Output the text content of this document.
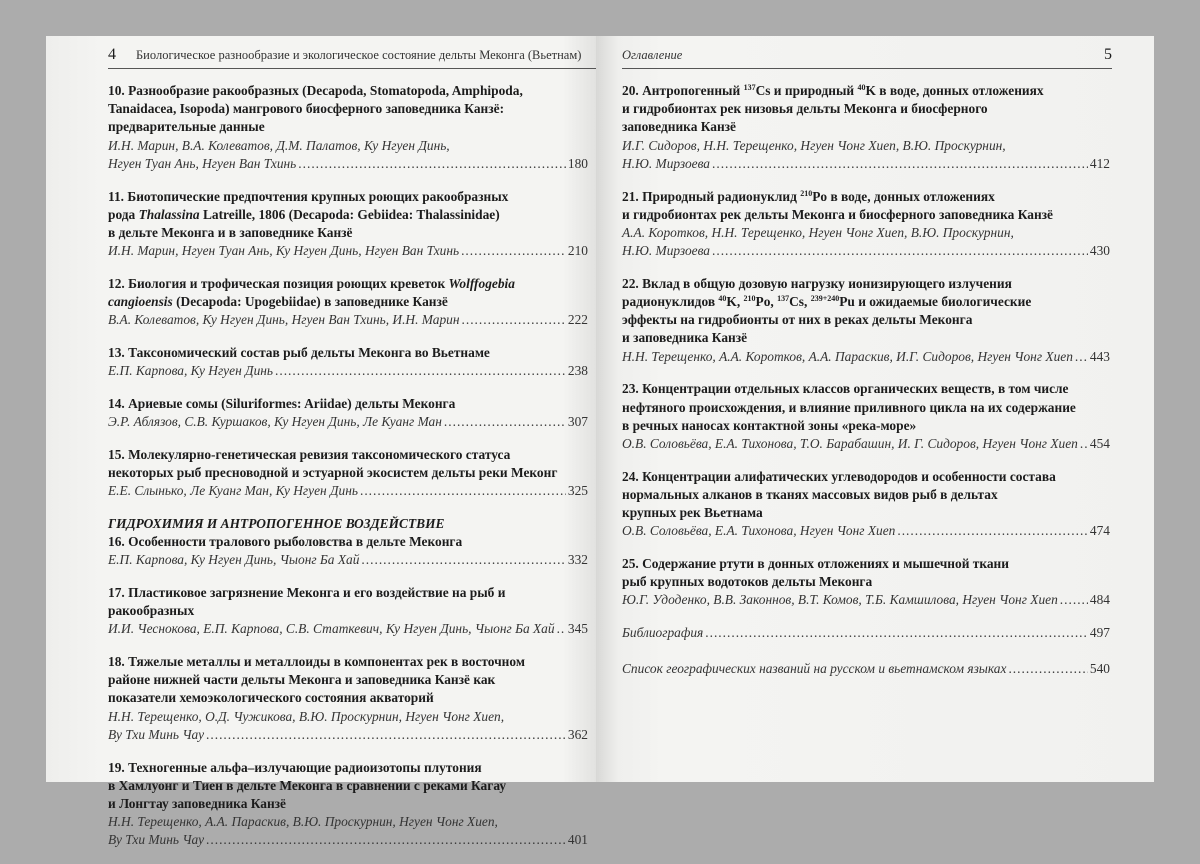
4 Биологическое разнообразие и экологическое состояние дельты Меконга (Вьетнам)
10. Разнообразие ракообразных (Decapoda, Stomatopoda, Amphipoda,
Tanaidacea, Isopoda) мангрового биосферного заповедника Канзё:
предварительные данные
И.Н. Марин, В.А. Колеватов, Д.М. Палатов, Ку Нгуен Динь,
Нгуен Туан Ань, Нгуен Ван Тхинь .....	180
11. Биотопические предпочтения крупных роющих ракообразных
рода Thalassina Latreille, 1806 (Decapoda: Gebiidea: Thalassinidae)
в дельте Меконга и в заповеднике Канзё
И.Н. Марин, Нгуен Туан Ань, Ку Нгуен Динь, Нгуен Ван Тхинь .....	210
12. Биология и трофическая позиция роющих креветок Wolffogebia
cangioensis (Decapoda: Upogebiidae) в заповеднике Канзё
В.А. Колеватов, Ку Нгуен Динь, Нгуен Ван Тхинь, И.Н. Марин .....	222
13. Таксономический состав рыб дельты Меконга во Вьетнаме
Е.П. Карпова, Ку Нгуен Динь .....	238
14. Ариевые сомы (Siluriformes: Ariidae) дельты Меконга
Э.Р. Аблязов, С.В. Куршаков, Ку Нгуен Динь, Ле Куанг Ман .....	307
15. Молекулярно-генетическая ревизия таксономического статуса
некоторых рыб пресноводной и эстуарной экосистем дельты реки Меконг
Е.Е. Слынько, Ле Куанг Ман, Ку Нгуен Динь .....	325
ГИДРОХИМИЯ И АНТРОПОГЕННОЕ ВОЗДЕЙСТВИЕ
16. Особенности тралового рыболовства в дельте Меконга
Е.П. Карпова, Ку Нгуен Динь, Чыонг Ба Хай .....	332
17. Пластиковое загрязнение Меконга и его воздействие на рыб и
ракообразных
И.И. Чеснокова, Е.П. Карпова, С.В. Статкевич, Ку Нгуен Динь, Чыонг Ба Хай ..... 345
18. Тяжелые металлы и металлоиды в компонентах рек в восточном
районе нижней части дельты Меконга и заповедника Канзё как
показатели хемоэкологического состояния акваторий
Н.Н. Терещенко, О.Д. Чужикова, В.Ю. Проскурнин, Нгуен Чонг Хиеп,
Ву Тхи Минь Чау .....	362
19. Техногенные альфа–излучающие радиоизотопы плутония
в Хамлуонг и Тиен в дельте Меконга в сравнении с реками Кагау
и Лонгтау заповедника Канзё
Н.Н. Терещенко, А.А. Параскив, В.Ю. Проскурнин, Нгуен Чонг Хиеп,
Ву Тхи Минь Чау .....	401
Оглавление	5
20. Антропогенный $^{137}$Cs и природный $^{40}$K в воде, донных отложениях
и гидробионтах рек низовья дельты Меконга и биосферного
заповедника Канзё
И.Г. Сидоров, Н.Н. Терещенко, Нгуен Чонг Хиеп, В.Ю. Проскурнин,
Н.Ю. Мирзоева .....	412
21. Природный радионуклид $^{210}$Po в воде, донных отложениях
и гидробионтах рек дельты Меконга и биосферного заповедника Канзё
А.А. Коротков, Н.Н. Терещенко, Нгуен Чонг Хиеп, В.Ю. Проскурнин,
Н.Ю. Мирзоева .....	430
22. Вклад в общую дозовую нагрузку ионизирующего излучения
радионуклидов $^{40}$K, $^{210}$Po, $^{137}$Cs, $^{239+240}$Pu и ожидаемые биологические
эффекты на гидробионты от них в реках дельты Меконга
и заповедника Канзё
Н.Н. Терещенко, А.А. Коротков, А.А. Параскив, И.Г. Сидоров, Нгуен Чонг Хиеп ..... 443
23. Концентрации отдельных классов органических веществ, в том числе
нефтяного происхождения, и влияние приливного цикла на их содержание
в речных наносах контактной зоны «река-море»
О.В. Соловьёва, Е.А. Тихонова, Т.О. Барабашин, И. Г. Сидоров, Нгуен Чонг Хиеп ..... 454
24. Концентрации алифатических углеводородов и особенности состава
нормальных алканов в тканях массовых видов рыб в дельтах
крупных рек Вьетнама
О.В. Соловьёва, Е.А. Тихонова, Нгуен Чонг Хиеп .....	474
25. Содержание ртути в донных отложениях и мышечной ткани
рыб крупных водотоков дельты Меконга
Ю.Г. Удоденко, В.В. Законнов, В.Т. Комов, Т.Б. Камшилова, Нгуен Чонг Хиеп ..... 484
Библиография .....	497
Список географических названий на русском и вьетнамском языках .....	540
